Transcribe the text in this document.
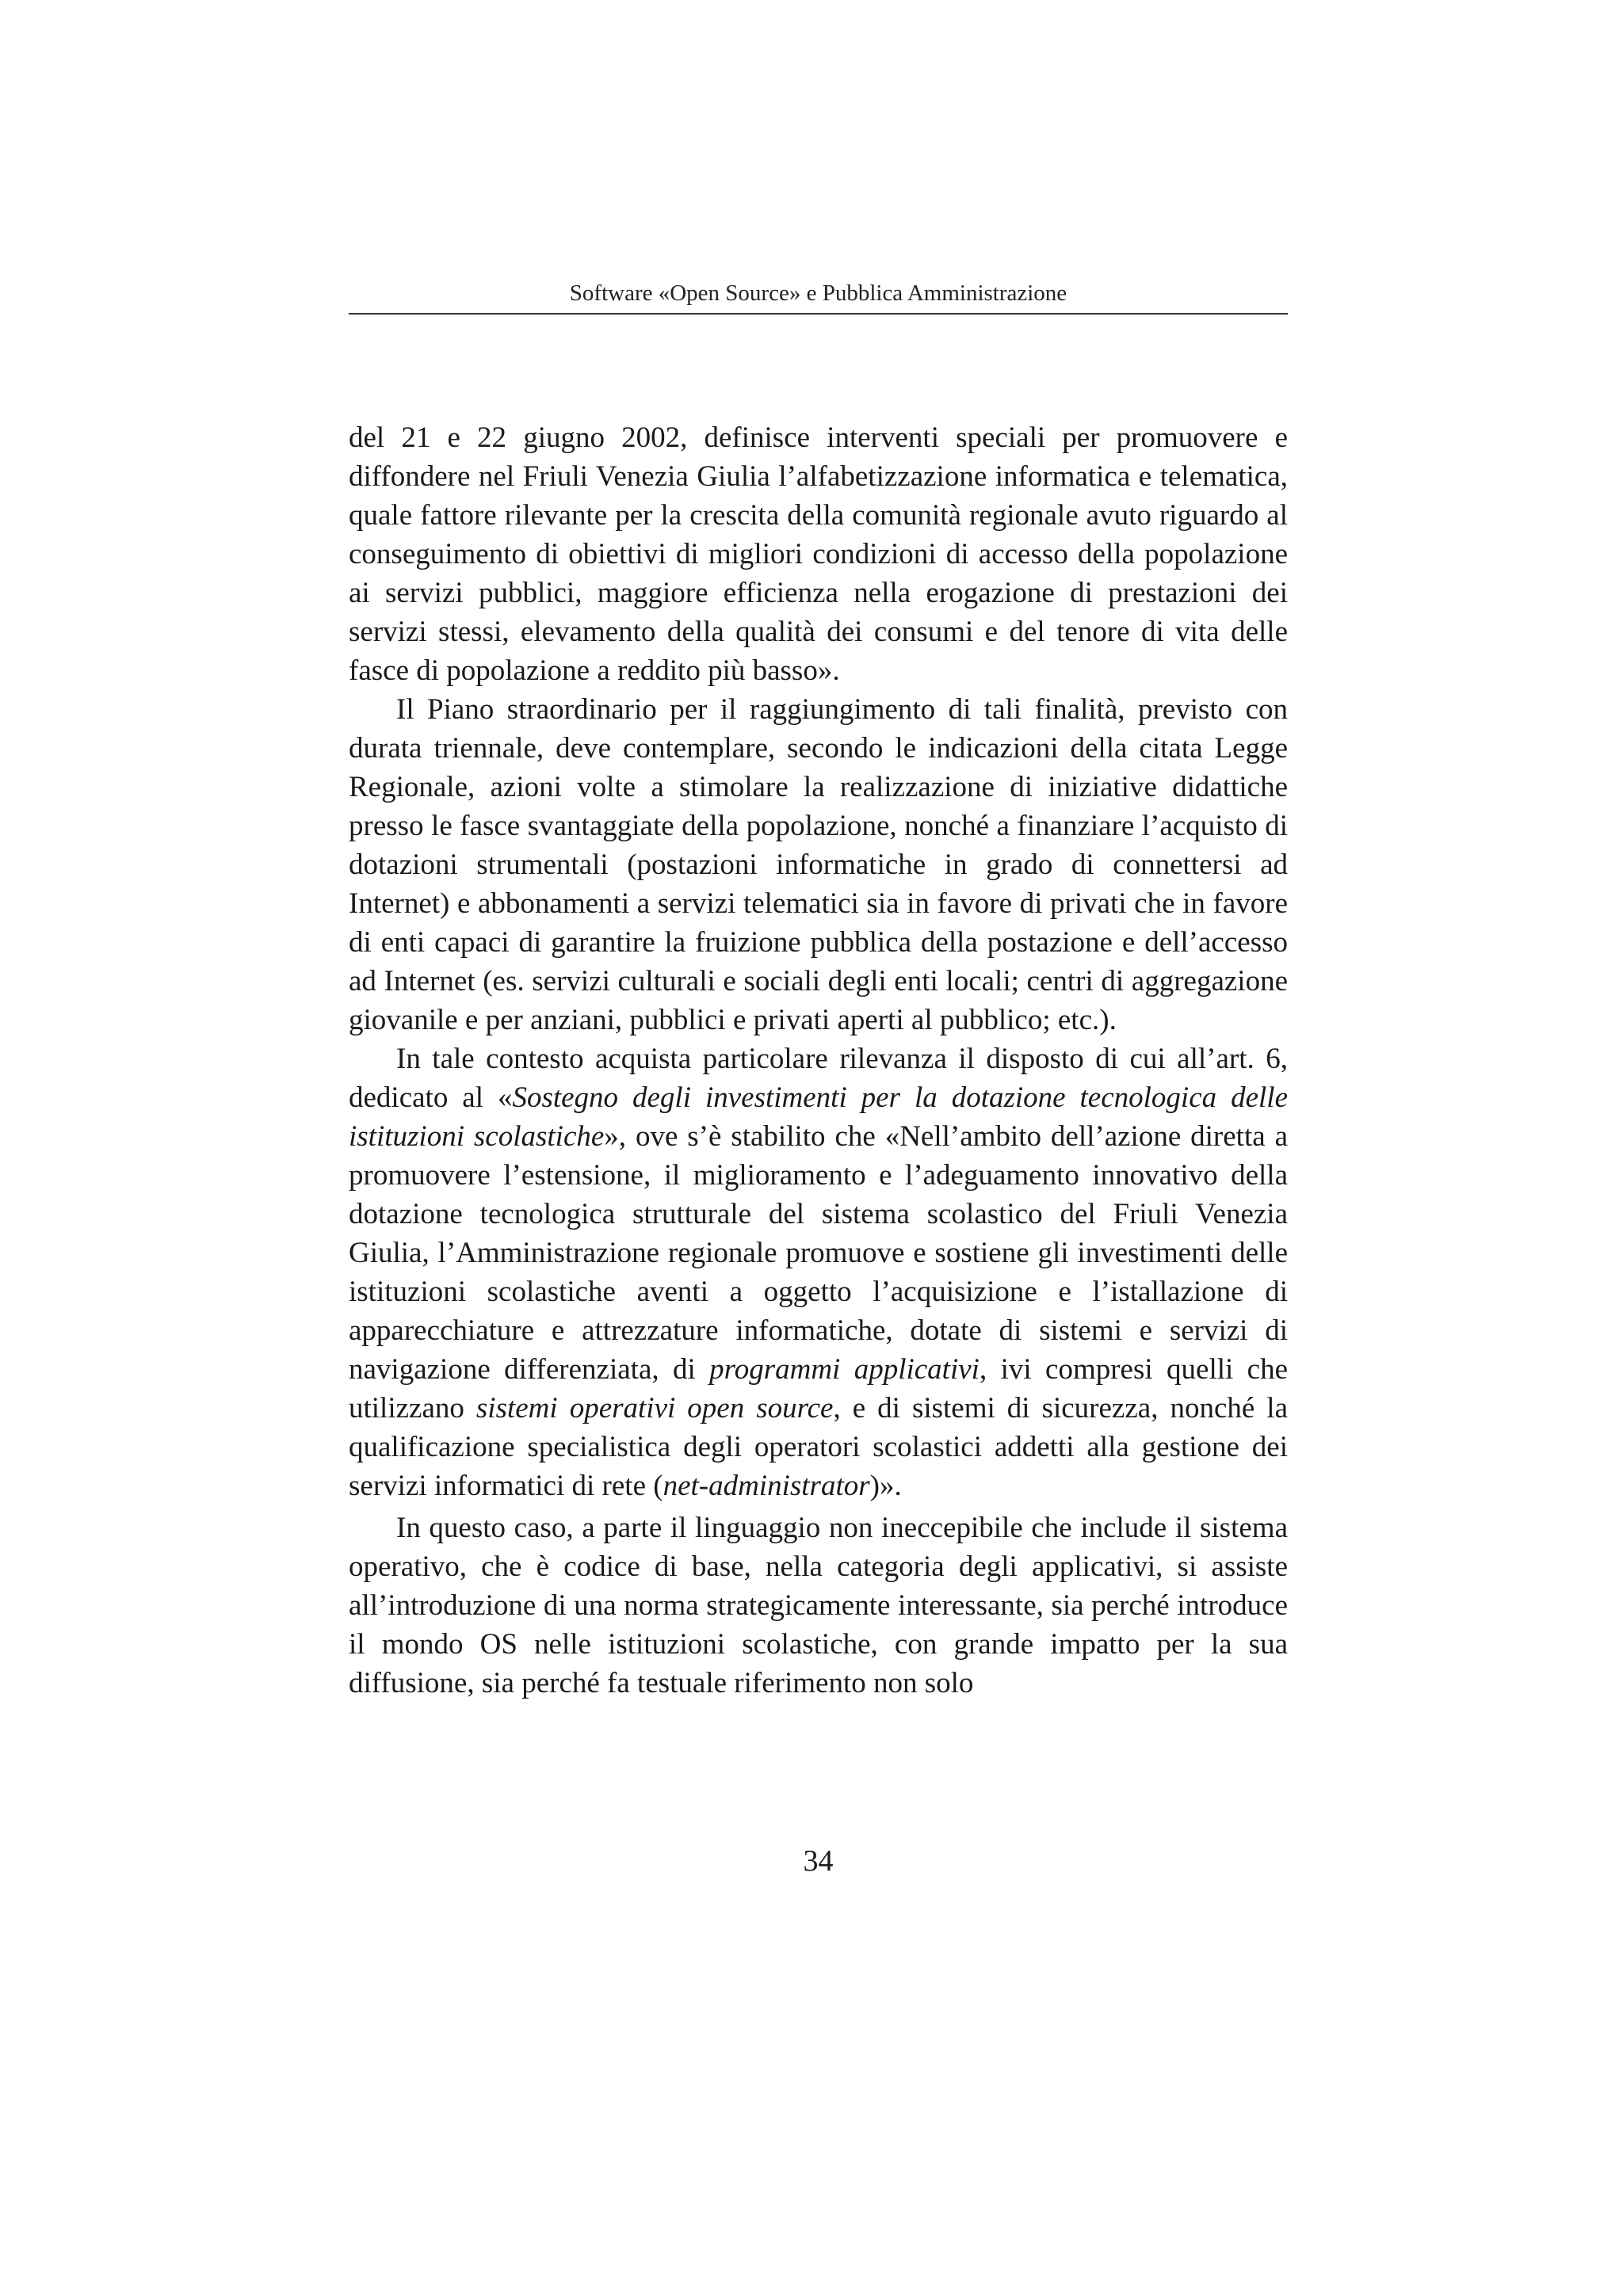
Software «Open Source» e Pubblica Amministrazione

del 21 e 22 giugno 2002, definisce interventi speciali per promuovere e diffondere nel Friuli Venezia Giulia l’alfabetizzazione informatica e telematica, quale fattore rilevante per la crescita della comunità regionale avuto riguardo al conseguimento di obiettivi di migliori condizioni di accesso della popolazione ai servizi pubblici, maggiore efficienza nella erogazione di prestazioni dei servizi stessi, elevamento della qualità dei consumi e del tenore di vita delle fasce di popolazione a reddito più basso».

Il Piano straordinario per il raggiungimento di tali finalità, previsto con durata triennale, deve contemplare, secondo le indicazioni della citata Legge Regionale, azioni volte a stimolare la realizzazione di iniziative didattiche presso le fasce svantaggiate della popolazione, nonché a finanziare l’acquisto di dotazioni strumentali (postazioni informatiche in grado di connettersi ad Internet) e abbonamenti a servizi telematici sia in favore di privati che in favore di enti capaci di garantire la fruizione pubblica della postazione e dell’accesso ad Internet (es. servizi culturali e sociali degli enti locali; centri di aggregazione giovanile e per anziani, pubblici e privati aperti al pubblico; etc.).

In tale contesto acquista particolare rilevanza il disposto di cui all’art. 6, dedicato al «Sostegno degli investimenti per la dotazione tecnologica delle istituzioni scolastiche», ove s’è stabilito che «Nell’ambito dell’azione diretta a promuovere l’estensione, il miglioramento e l’adeguamento innovativo della dotazione tecnologica strutturale del sistema scolastico del Friuli Venezia Giulia, l’Amministrazione regionale promuove e sostiene gli investimenti delle istituzioni scolastiche aventi a oggetto l’acquisizione e l’istallazione di apparecchiature e attrezzature informatiche, dotate di sistemi e servizi di navigazione differenziata, di programmi applicativi, ivi compresi quelli che utilizzano sistemi operativi open source, e di sistemi di sicurezza, nonché la qualificazione specialistica degli operatori scolastici addetti alla gestione dei servizi informatici di rete (net-administrator)».

In questo caso, a parte il linguaggio non ineccepibile che include il sistema operativo, che è codice di base, nella categoria degli applicativi, si assiste all’introduzione di una norma strategicamente interessante, sia perché introduce il mondo OS nelle istituzioni scolastiche, con grande impatto per la sua diffusione, sia perché fa testuale riferimento non solo

34
